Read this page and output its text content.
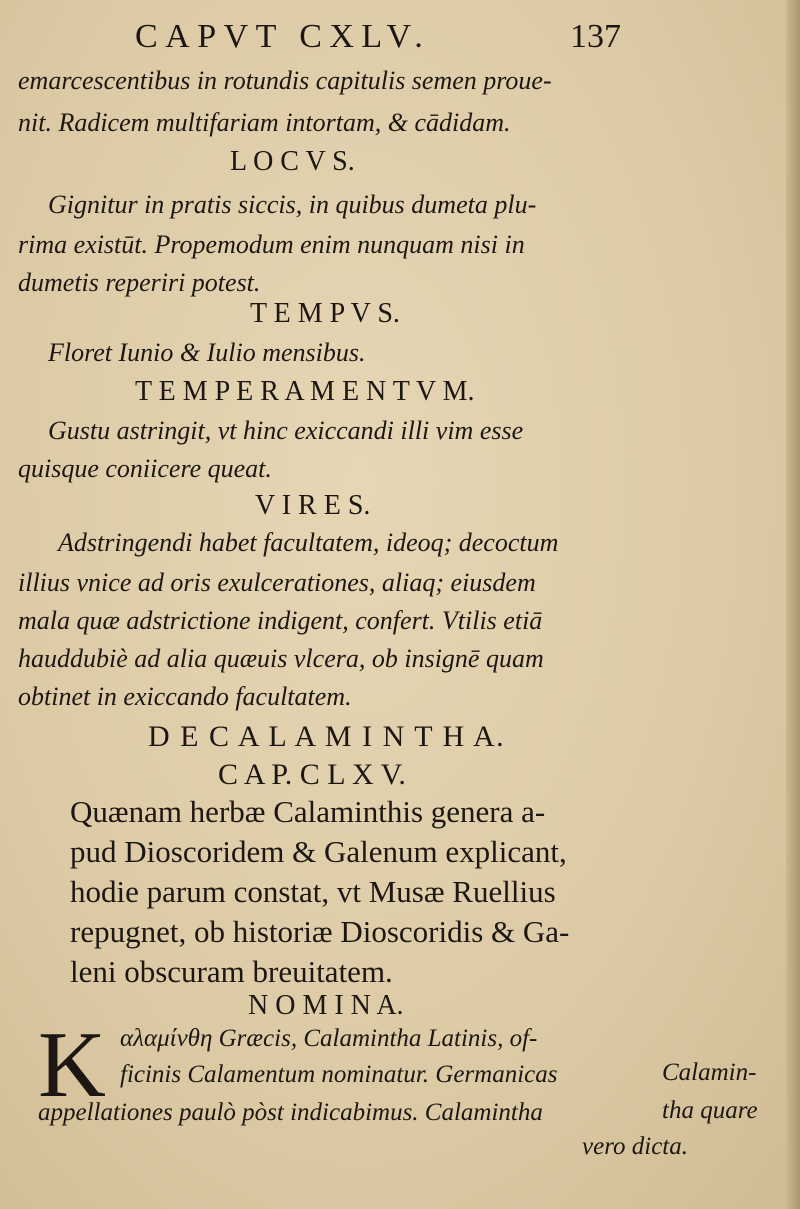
CAPVT CXLV.	137
emarcescentibus in rotundis capitulis semen proue-
nit. Radicem multifariam intortam, & cādidam.
L O C V S.
Gignitur in pratis siccis, in quibus dumeta plu-
rima existūt. Propemodum enim nunquam nisi in
dumetis reperiri potest.
T E M P V S.
Floret Iunio & Iulio mensibus.
T E M P E R A M E N T V M.
Gustu astringit, vt hinc exiccandi illi vim esse
quisque coniicere queat.
V I R E S.
Adstringendi habet facultatem, ideoq; decoctum
illius vnice ad oris exulcerationes, aliaq; eiusdem
mala quæ adstrictione indigent, confert. Vtilis etiā
hauddubiè ad alia quæuis vlcera, ob insignē quam
obtinet in exiccando facultatem.
D E C A L A M I N T H A.
C A P. C L X V.
Quænam herbæ Calaminthis genera a-
pud Dioscoridem & Galenum explicant,
hodie parum constat, vt Musæ Ruellius
repugnet, ob historiæ Dioscoridis & Ga-
leni obscuram breuitatem.
N O M I N A.
K αλαμίνθη Græcis, Calamintha Latinis, of-
ficinis Calamentum nominatur. Germanicas
appellationes paulò pòst indicabimus. Calamintha
vero dicta.
Calamin-
tha quare
